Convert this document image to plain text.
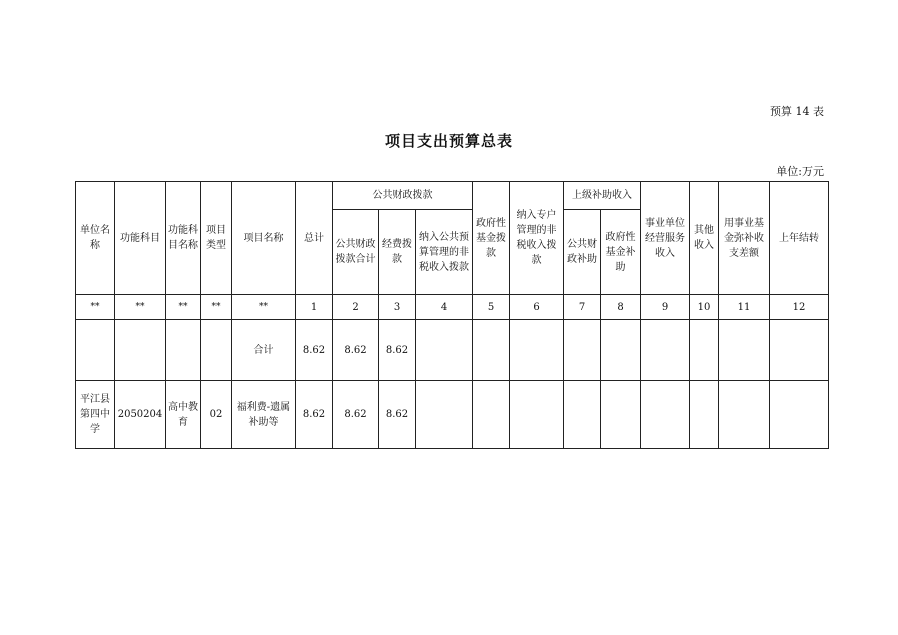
预算 14 表
项目支出预算总表
单位:万元
单位名称	功能科目	功能科目名称	项目类型	项目名称	总计	公共财政拨款			政府性基金拨款	纳入专户管理的非税收入拨款	上级补助收入		事业单位经营服务收入	其他收入	用事业基金弥补收支差额	上年结转
						公共财政拨款合计	经费拨款	纳入公共预算管理的非税收入拨款			公共财政补助	政府性基金补助				
**	**	**	**	**	1	2	3	4	5	6	7	8	9	10	11	12
				合计	8.62	8.62	8.62									
平江县第四中学	2050204	高中教育	02	福利费-遗属补助等	8.62	8.62	8.62									
